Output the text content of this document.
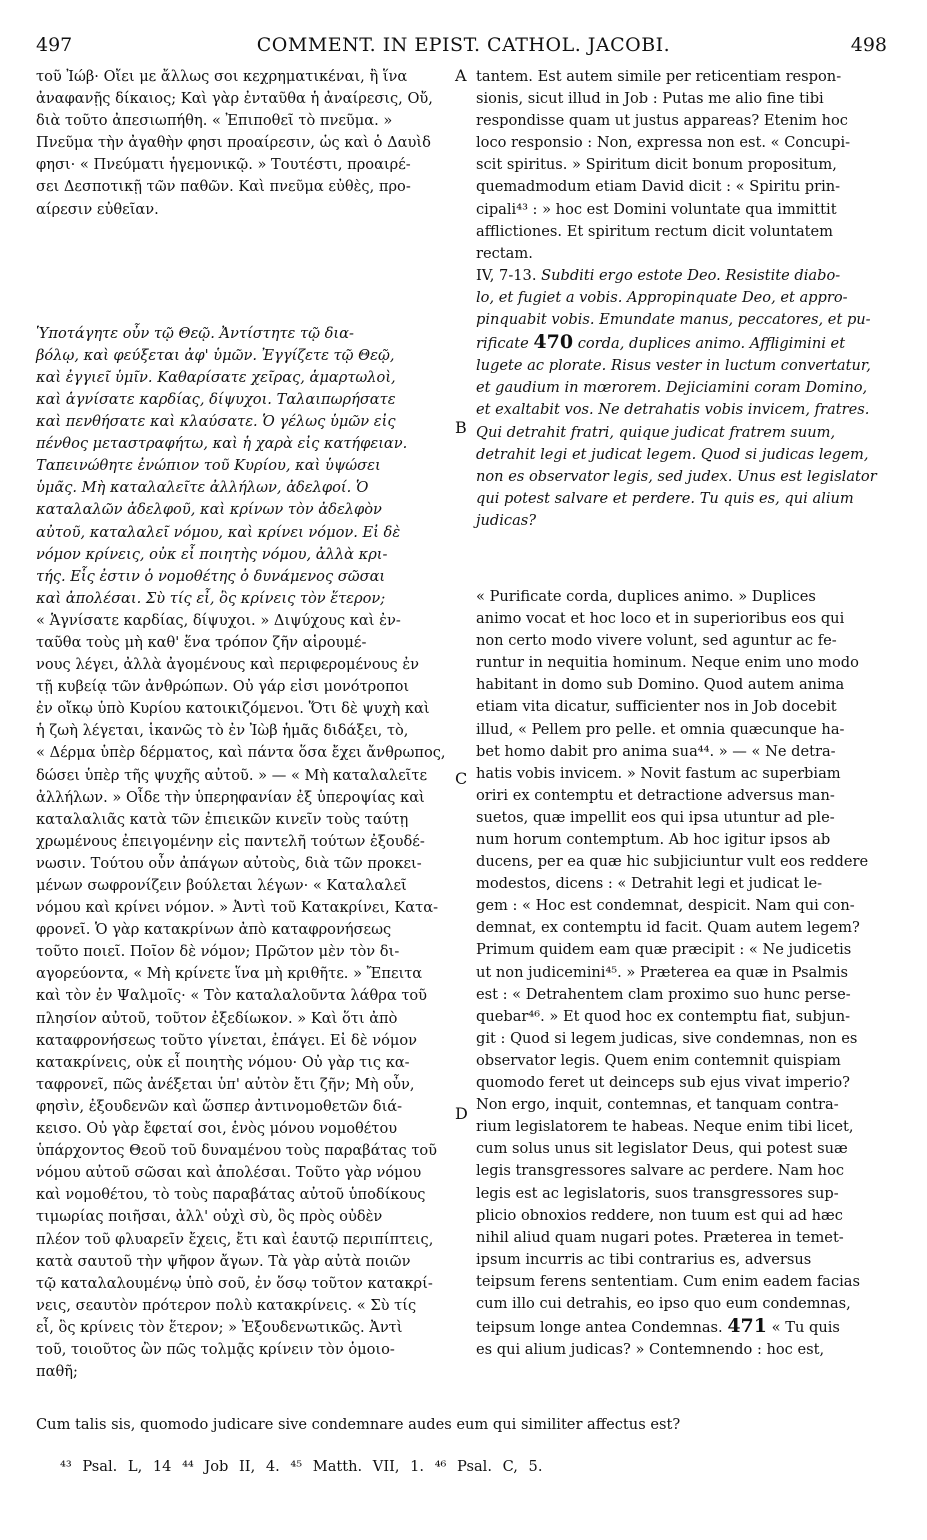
497	COMMENT. IN EPIST. CATHOL. JACOBI.	498

τοῦ Ἰώβ· Οἴει με ἄλλως σοι κεχρηματικέναι, ἢ ἵνα
ἀναφανῇς δίκαιος; Καὶ γὰρ ἐνταῦθα ἡ ἀναίρεσις, Οὔ,
διὰ τοῦτο ἀπεσιωπήθη. « Ἐπιποθεῖ τὸ πνεῦμα. »
Πνεῦμα τὴν ἀγαθὴν φησι προαίρεσιν, ὡς καὶ ὁ Δαυὶδ
φησι· « Πνεύματι ἡγεμονικῷ. » Τουτέστι, προαιρέ-
σει Δεσποτικῇ τῶν παθῶν. Καὶ πνεῦμα εὐθὲς, προ-
αίρεσιν εὐθεῖαν.

Ὑποτάγητε οὖν τῷ Θεῷ. Ἀντίστητε τῷ δια-
βόλῳ, καὶ φεύξεται ἀφ' ὑμῶν. Ἐγγίζετε τῷ Θεῷ,
καὶ ἐγγιεῖ ὑμῖν. Καθαρίσατε χεῖρας, ἁμαρτωλοὶ,
καὶ ἁγνίσατε καρδίας, δίψυχοι. Ταλαιπωρήσατε
καὶ πενθήσατε καὶ κλαύσατε. Ὁ γέλως ὑμῶν εἰς
πένθος μεταστραφήτω, καὶ ἡ χαρὰ εἰς κατήφειαν.
Ταπεινώθητε ἐνώπιον τοῦ Κυρίου, καὶ ὑψώσει
ὑμᾶς. Μὴ καταλαλεῖτε ἀλλήλων, ἀδελφοί. Ὁ
καταλαλῶν ἀδελφοῦ, καὶ κρίνων τὸν ἀδελφὸν
αὐτοῦ, καταλαλεῖ νόμου, καὶ κρίνει νόμον. Εἰ δὲ
νόμον κρίνεις, οὐκ εἶ ποιητὴς νόμου, ἀλλὰ κρι-
τής. Εἷς ἐστιν ὁ νομοθέτης ὁ δυνάμενος σῶσαι
καὶ ἀπολέσαι. Σὺ τίς εἶ, ὃς κρίνεις τὸν ἕτερον;

« Ἁγνίσατε καρδίας, δίψυχοι. » Διψύχους καὶ ἐν-
ταῦθα τοὺς μὴ καθ' ἕνα τρόπον ζῆν αἱρουμέ-
νους λέγει, ἀλλὰ ἀγομένους καὶ περιφερομένους ἐν
τῇ κυβείᾳ τῶν ἀνθρώπων. Οὐ γάρ εἰσι μονότροποι
ἐν οἴκῳ ὑπὸ Κυρίου κατοικιζόμενοι. Ὅτι δὲ ψυχὴ καὶ
ἡ ζωὴ λέγεται, ἱκανῶς τὸ ἐν Ἰὼβ ἡμᾶς διδάξει, τὸ,
« Δέρμα ὑπὲρ δέρματος, καὶ πάντα ὅσα ἔχει ἄνθρωπος,
δώσει ὑπὲρ τῆς ψυχῆς αὐτοῦ. » — « Μὴ καταλαλεῖτε
ἀλλήλων. » Οἶδε τὴν ὑπερηφανίαν ἐξ ὑπεροψίας καὶ
καταλαλιᾶς κατὰ τῶν ἐπιεικῶν κινεῖν τοὺς ταύτῃ
χρωμένους ἐπειγομένην εἰς παντελῆ τούτων ἐξουδέ-
νωσιν. Τούτου οὖν ἀπάγων αὐτοὺς, διὰ τῶν προκει-
μένων σωφρονίζειν βούλεται λέγων· « Καταλαλεῖ
νόμου καὶ κρίνει νόμον. » Ἀντὶ τοῦ Κατακρίνει, Κατα-
φρονεῖ. Ὁ γὰρ κατακρίνων ἀπὸ καταφρονήσεως
τοῦτο ποιεῖ. Ποῖον δὲ νόμον; Πρῶτον μὲν τὸν δι-
αγορεύοντα, « Μὴ κρίνετε ἵνα μὴ κριθῆτε. » Ἔπειτα
καὶ τὸν ἐν Ψαλμοῖς· « Τὸν καταλαλοῦντα λάθρα τοῦ
πλησίον αὐτοῦ, τοῦτον ἐξεδίωκον. » Καὶ ὅτι ἀπὸ
καταφρονήσεως τοῦτο γίνεται, ἐπάγει. Εἰ δὲ νόμον
κατακρίνεις, οὐκ εἶ ποιητὴς νόμου· Οὐ γὰρ τις κα-
ταφρονεῖ, πῶς ἀνέξεται ὑπ' αὐτὸν ἔτι ζῆν; Μὴ οὖν,
φησὶν, ἐξουδενῶν καὶ ὥσπερ ἀντινομοθετῶν διά-
κεισο. Οὐ γὰρ ἔφεταί σοι, ἑνὸς μόνου νομοθέτου
ὑπάρχοντος Θεοῦ τοῦ δυναμένου τοὺς παραβάτας τοῦ
νόμου αὐτοῦ σῶσαι καὶ ἀπολέσαι. Τοῦτο γὰρ νόμου
καὶ νομοθέτου, τὸ τοὺς παραβάτας αὐτοῦ ὑποδίκους
τιμωρίας ποιῆσαι, ἀλλ' οὐχὶ σὺ, ὃς πρὸς οὐδὲν
πλέον τοῦ φλυαρεῖν ἔχεις, ἔτι καὶ ἑαυτῷ περιπίπτεις,
κατὰ σαυτοῦ τὴν ψῆφον ἄγων. Τὰ γὰρ αὐτὰ ποιῶν
τῷ καταλαλουμένῳ ὑπὸ σοῦ, ἐν ὅσῳ τοῦτον κατακρί-
νεις, σεαυτὸν πρότερον πολὺ κατακρίνεις. « Σὺ τίς
εἶ, ὃς κρίνεις τὸν ἕτερον; » Ἐξουδενωτικῶς. Ἀντὶ
τοῦ, τοιοῦτος ὢν πῶς τολμᾷς κρίνειν τὸν ὁμοιο-
παθῆ;

tantem. Est autem simile per reticentiam respon-
sionis, sicut illud in Job : Putas me alio fine tibi
respondisse quam ut justus appareas? Etenim hoc
loco responsio : Non, expressa non est. « Concupi-
scit spiritus. » Spiritum dicit bonum propositum,
quemadmodum etiam David dicit : « Spiritu prin-
cipali⁴³ : » hoc est Domini voluntate qua immittit
afflictiones. Et spiritum rectum dicit voluntatem
rectam.

IV, 7-13. Subditi ergo estote Deo. Resistite diabo-
lo, et fugiet a vobis. Appropinquate Deo, et appro-
pinquabit vobis. Emundate manus, peccatores, et pu-
rificate 470 corda, duplices animo. Affligimini et
lugete ac plorate. Risus vester in luctum convertatur,
et gaudium in mœrorem. Dejiciamini coram Domino,
et exaltabit vos. Ne detrahatis vobis invicem, fratres.
Qui detrahit fratri, quique judicat fratrem suum,
detrahit legi et judicat legem. Quod si judicas legem,
non es observator legis, sed judex. Unus est legislator
qui potest salvare et perdere. Tu quis es, qui alium
judicas?

« Purificate corda, duplices animo. » Duplices
animo vocat et hoc loco et in superioribus eos qui
non certo modo vivere volunt, sed aguntur ac fe-
runtur in nequitia hominum. Neque enim uno modo
habitant in domo sub Domino. Quod autem anima
etiam vita dicatur, sufficienter nos in Job docebit
illud, « Pellem pro pelle. et omnia quæcunque ha-
bet homo dabit pro anima sua⁴⁴. » — « Ne detra-
hatis vobis invicem. » Novit fastum ac superbiam
oriri ex contemptu et detractione adversus man-
suetos, quæ impellit eos qui ipsa utuntur ad ple-
num horum contemptum. Ab hoc igitur ipsos ab
ducens, per ea quæ hic subjiciuntur vult eos reddere
modestos, dicens : « Detrahit legi et judicat le-
gem : « Hoc est condemnat, despicit. Nam qui con-
demnat, ex contemptu id facit. Quam autem legem?
Primum quidem eam quæ præcipit : « Ne judicetis
ut non judicemini⁴⁵. » Præterea ea quæ in Psalmis
est : « Detrahentem clam proximo suo hunc perse-
quebar⁴⁶. » Et quod hoc ex contemptu fiat, subjun-
git : Quod si legem judicas, sive condemnas, non es
observator legis. Quem enim contemnit quispiam
quomodo feret ut deinceps sub ejus vivat imperio?
Non ergo, inquit, contemnas, et tanquam contra-
rium legislatorem te habeas. Neque enim tibi licet,
cum solus unus sit legislator Deus, qui potest suæ
legis transgressores salvare ac perdere. Nam hoc
legis est ac legislatoris, suos transgressores sup-
plicio obnoxios reddere, non tuum est qui ad hæc
nihil aliud quam nugari potes. Præterea in temet-
ipsum incurris ac tibi contrarius es, adversus
teipsum ferens sententiam. Cum enim eadem facias
cum illo cui detrahis, eo ipso quo eum condemnas,
teipsum longe antea Condemnas. 471 « Tu quis
es qui alium judicas? » Contemnendo : hoc est,

A
B
C
D
Cum talis sis, quomodo judicare sive condemnare audes eum qui similiter affectus est?
⁴³ Psal. L, 14 ⁴⁴ Job II, 4. ⁴⁵ Matth. VII, 1. ⁴⁶ Psal. C, 5.
